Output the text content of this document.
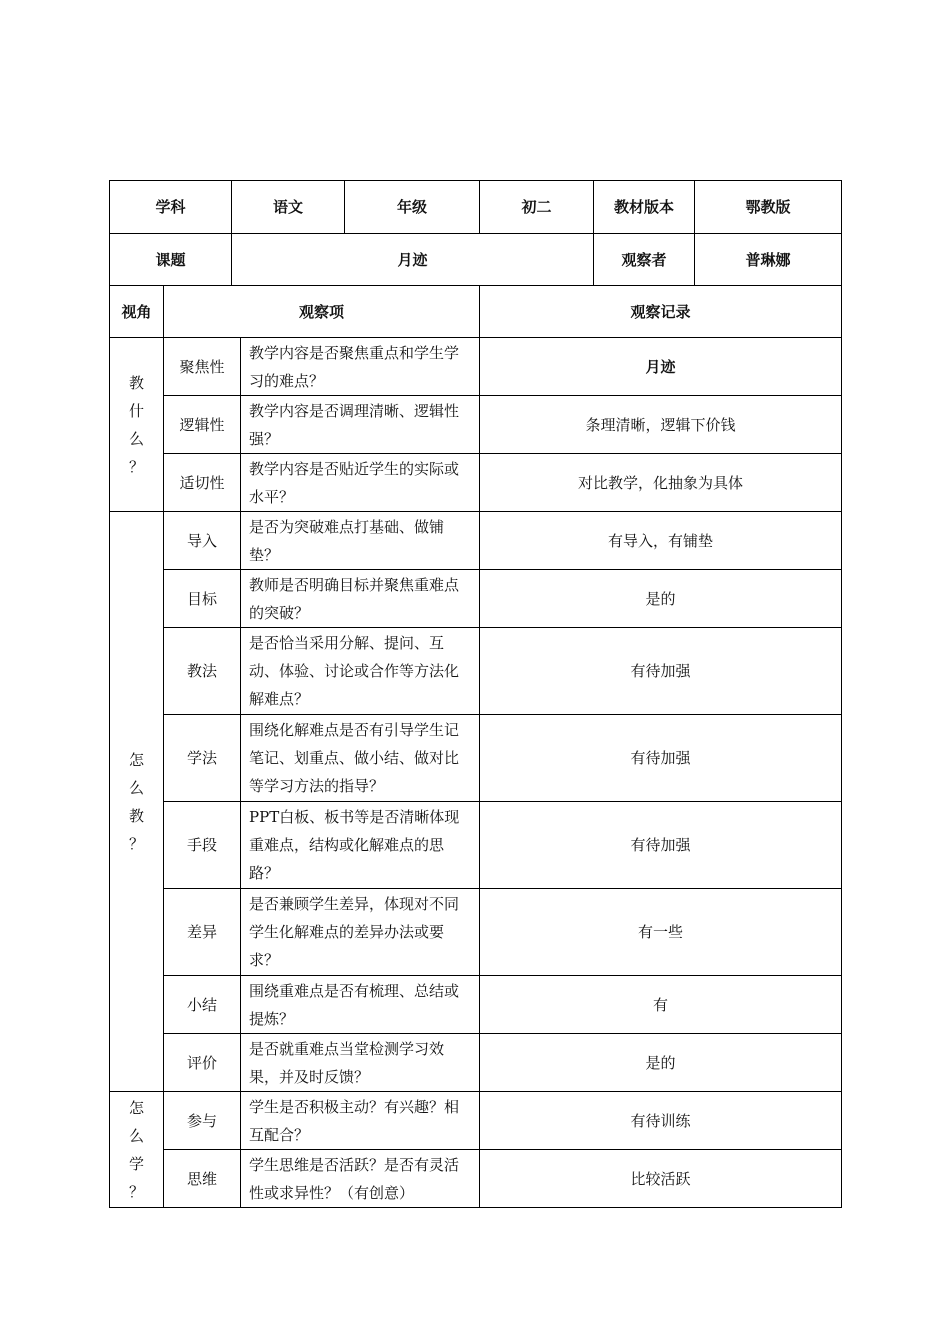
学科		语文		年级	初二	教材版本	鄂教版
课题		月迹				观察者	普琳娜
视角	观察项				观察记录		

教
什
么
？	聚焦性		教学内容是否聚焦重点和学生学习的难点？		月迹		
	逻辑性		教学内容是否调理清晰、逻辑性强？		条理清晰，逻辑下价钱		
	适切性		教学内容是否贴近学生的实际或水平？		对比教学，化抽象为具体		

怎
么
教
？	导入		是否为突破难点打基础、做铺垫？		有导入，有铺垫		
	目标		教师是否明确目标并聚焦重难点的突破？		是的		
	教法		是否恰当采用分解、提问、互动、体验、讨论或合作等方法化解难点？		有待加强		
	学法		围绕化解难点是否有引导学生记笔记、划重点、做小结、做对比等学习方法的指导？		有待加强		
	手段		PPT白板、板书等是否清晰体现重难点，结构或化解难点的思路？		有待加强		
	差异		是否兼顾学生差异，体现对不同学生化解难点的差异办法或要求？		有一些		
	小结		围绕重难点是否有梳理、总结或提炼？		有		
	评价		是否就重难点当堂检测学习效果，并及时反馈？		是的		

怎
么
学
？	参与		学生是否积极主动？有兴趣？相互配合？		有待训练		
	思维		学生思维是否活跃？是否有灵活性或求异性？（有创意）		比较活跃		
